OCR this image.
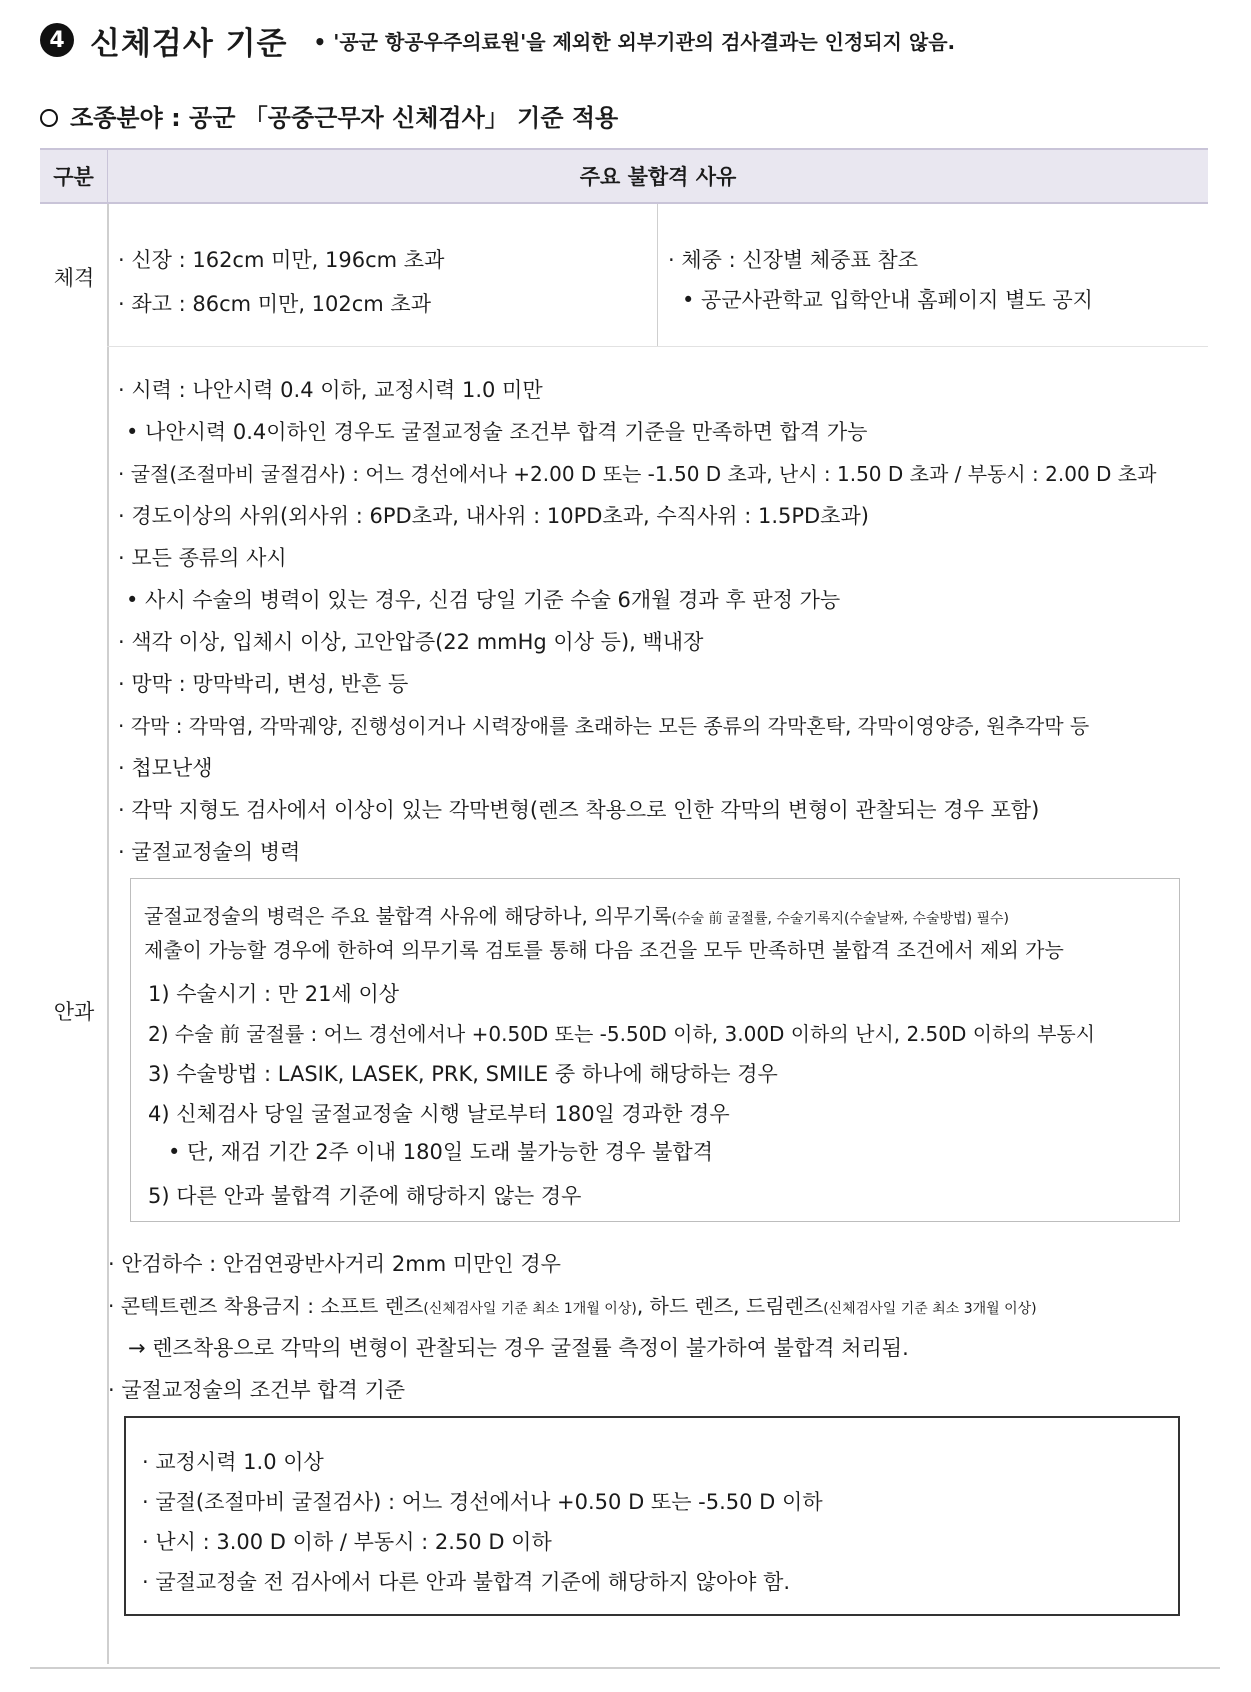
4 신체검사 기준 • '공군 항공우주의료원'을 제외한 외부기관의 검사결과는 인정되지 않음.
조종분야 : 공군 「공중근무자 신체검사」 기준 적용
구분	주요 불합격 사유
체격
· 신장 : 162cm 미만, 196cm 초과
· 좌고 : 86cm 미만, 102cm 초과
· 체중 : 신장별 체중표 참조
• 공군사관학교 입학안내 홈페이지 별도 공지
안과
· 시력 : 나안시력 0.4 이하, 교정시력 1.0 미만
• 나안시력 0.4이하인 경우도 굴절교정술 조건부 합격 기준을 만족하면 합격 가능
· 굴절(조절마비 굴절검사) : 어느 경선에서나 +2.00 D 또는 -1.50 D 초과, 난시 : 1.50 D 초과 / 부동시 : 2.00 D 초과
· 경도이상의 사위(외사위 : 6PD초과, 내사위 : 10PD초과, 수직사위 : 1.5PD초과)
· 모든 종류의 사시
• 사시 수술의 병력이 있는 경우, 신검 당일 기준 수술 6개월 경과 후 판정 가능
· 색각 이상, 입체시 이상, 고안압증(22 mmHg 이상 등), 백내장
· 망막 : 망막박리, 변성, 반흔 등
· 각막 : 각막염, 각막궤양, 진행성이거나 시력장애를 초래하는 모든 종류의 각막혼탁, 각막이영양증, 원추각막 등
· 첩모난생
· 각막 지형도 검사에서 이상이 있는 각막변형(렌즈 착용으로 인한 각막의 변형이 관찰되는 경우 포함)
· 굴절교정술의 병력
굴절교정술의 병력은 주요 불합격 사유에 해당하나, 의무기록(수술 前 굴절률, 수술기록지(수술날짜, 수술방법) 필수)
제출이 가능할 경우에 한하여 의무기록 검토를 통해 다음 조건을 모두 만족하면 불합격 조건에서 제외 가능
1) 수술시기 : 만 21세 이상
2) 수술 前 굴절률 : 어느 경선에서나 +0.50D 또는 -5.50D 이하, 3.00D 이하의 난시, 2.50D 이하의 부동시
3) 수술방법 : LASIK, LASEK, PRK, SMILE 중 하나에 해당하는 경우
4) 신체검사 당일 굴절교정술 시행 날로부터 180일 경과한 경우
• 단, 재검 기간 2주 이내 180일 도래 불가능한 경우 불합격
5) 다른 안과 불합격 기준에 해당하지 않는 경우
· 안검하수 : 안검연광반사거리 2mm 미만인 경우
· 콘텍트렌즈 착용금지 : 소프트 렌즈(신체검사일 기준 최소 1개월 이상), 하드 렌즈, 드림렌즈(신체검사일 기준 최소 3개월 이상)
→ 렌즈착용으로 각막의 변형이 관찰되는 경우 굴절률 측정이 불가하여 불합격 처리됨.
· 굴절교정술의 조건부 합격 기준
· 교정시력 1.0 이상
· 굴절(조절마비 굴절검사) : 어느 경선에서나 +0.50 D 또는 -5.50 D 이하
· 난시 : 3.00 D 이하 / 부동시 : 2.50 D 이하
· 굴절교정술 전 검사에서 다른 안과 불합격 기준에 해당하지 않아야 함.
